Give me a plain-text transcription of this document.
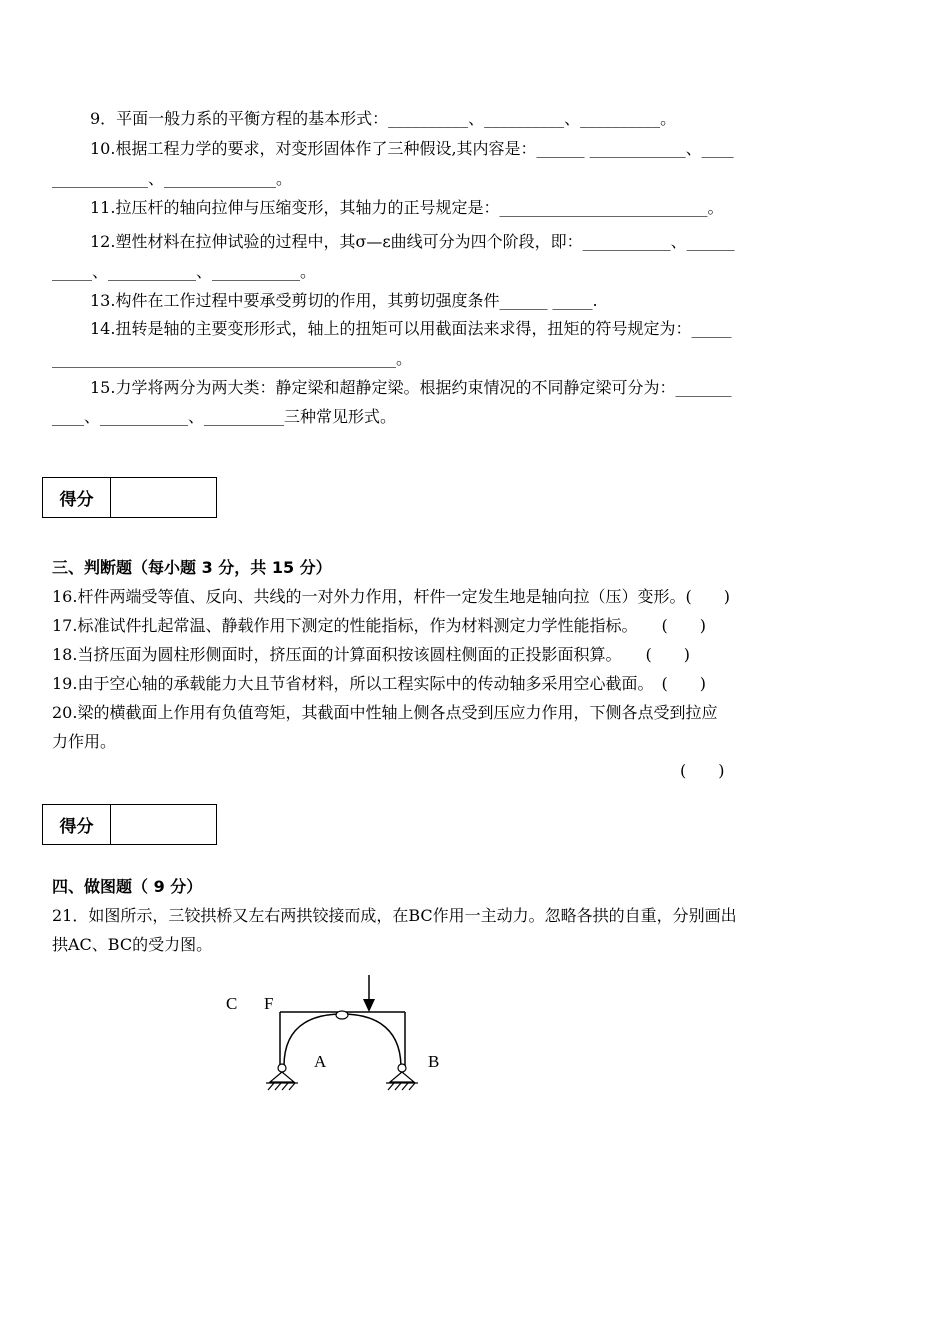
9．平面一般力系的平衡方程的基本形式：__________、__________、__________。
10.根据工程力学的要求，对变形固体作了三种假设,其内容是：______ ____________、____
____________、______________。
11.拉压杆的轴向拉伸与压缩变形，其轴力的正号规定是：__________________________。
12.塑性材料在拉伸试验的过程中，其σ—ε曲线可分为四个阶段，即：___________、______
_____、___________、___________。
13.构件在工作过程中要承受剪切的作用，其剪切强度条件______ _____.
14.扭转是轴的主要变形形式，轴上的扭矩可以用截面法来求得，扭矩的符号规定为：_____
___________________________________________。
15.力学将两分为两大类：静定梁和超静定梁。根据约束情况的不同静定梁可分为：_______
____、___________、__________三种常见形式。
得分
三、判断题（每小题 3 分，共 15 分）
16.杆件两端受等值、反向、共线的一对外力作用，杆件一定发生地是轴向拉（压）变形。(　　)
17.标准试件扎起常温、静载作用下测定的性能指标，作为材料测定力学性能指标。　　(　　)
18.当挤压面为圆柱形侧面时，挤压面的计算面积按该圆柱侧面的正投影面积算。　　(　　)
19.由于空心轴的承载能力大且节省材料，所以工程实际中的传动轴多采用空心截面。　(　　)
20.梁的横截面上作用有负值弯矩，其截面中性轴上侧各点受到压应力作用，下侧各点受到拉应
力作用。
(　　)
得分
四、做图题（ 9 分）
21．如图所示，三铰拱桥又左右两拱铰接而成，在BC作用一主动力。忽略各拱的自重，分别画出
拱AC、BC的受力图。
C F
A	B
